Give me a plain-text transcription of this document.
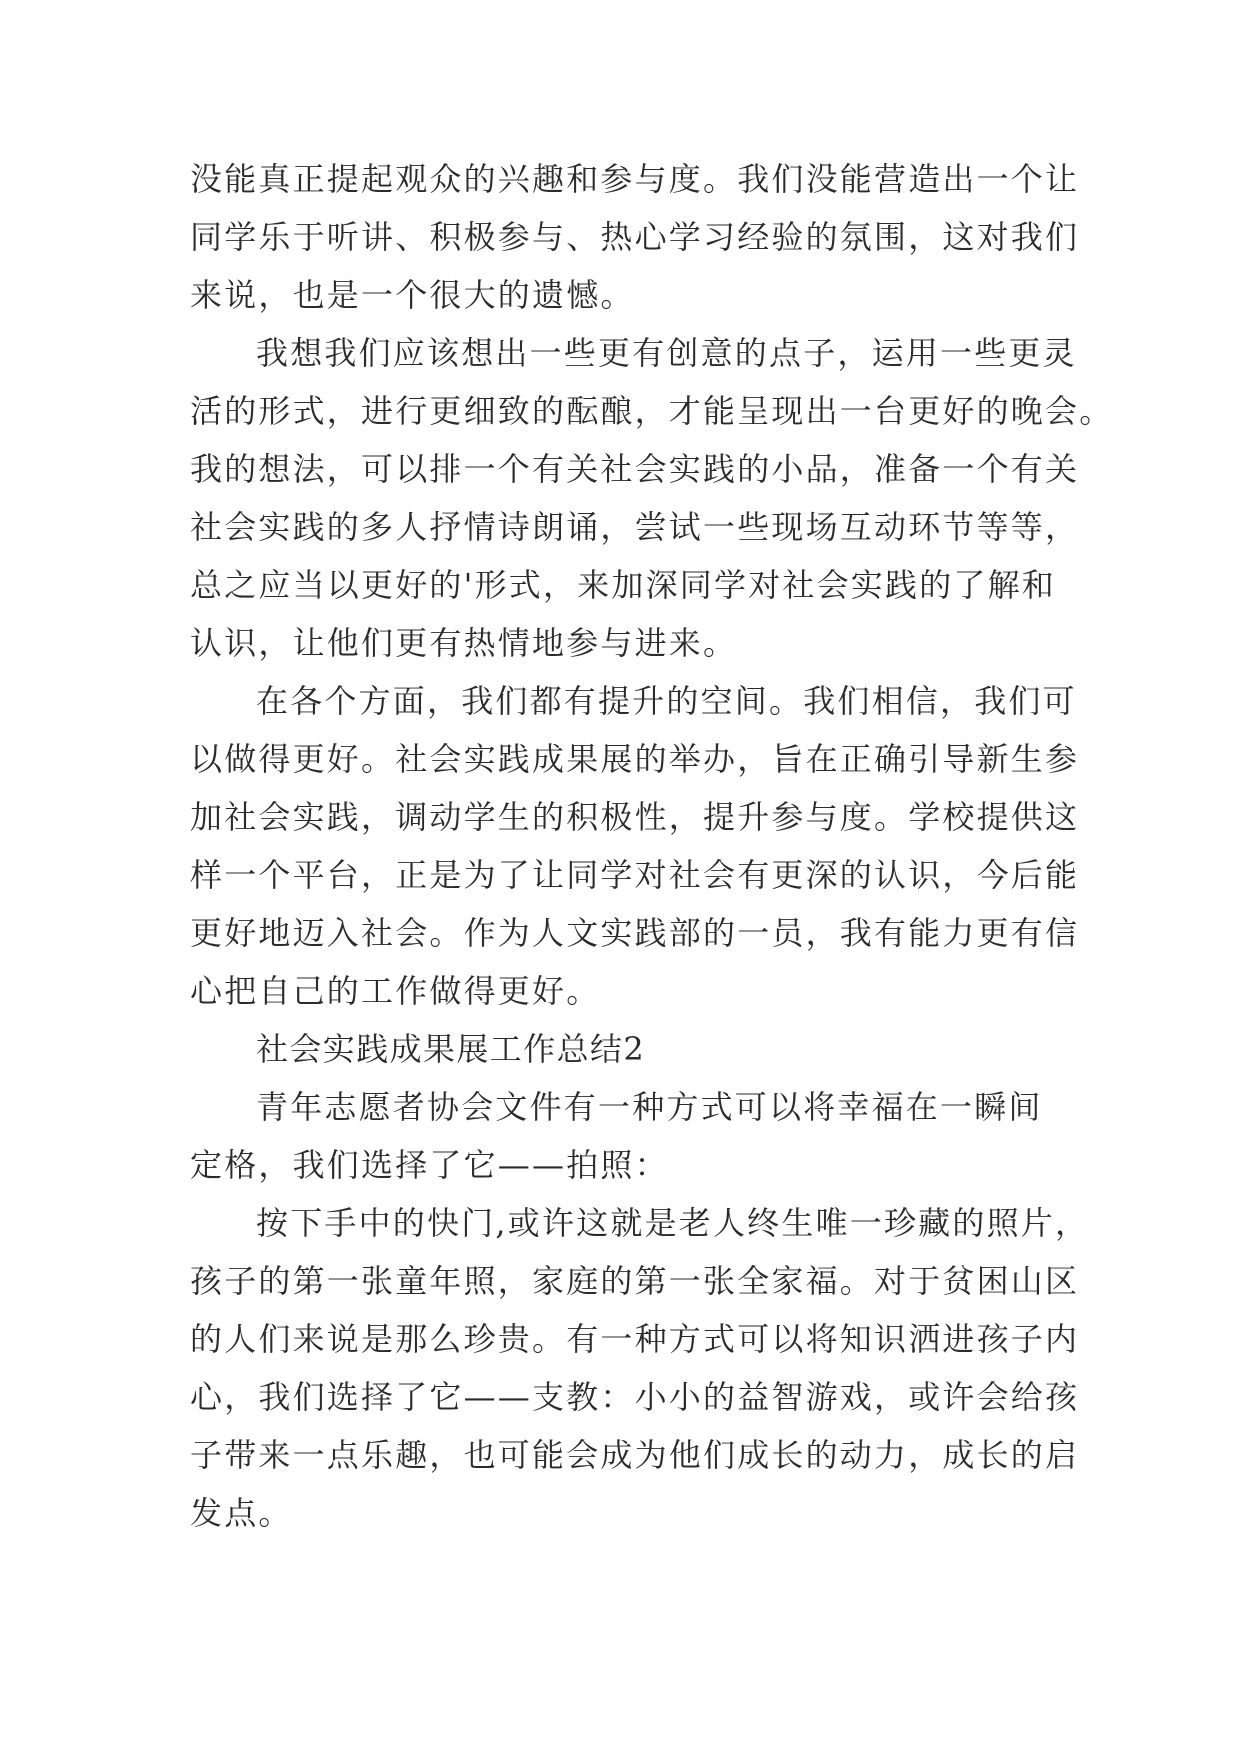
没能真正提起观众的兴趣和参与度。我们没能营造出一个让
同学乐于听讲、积极参与、热心学习经验的氛围，这对我们
来说，也是一个很大的遗憾。
我想我们应该想出一些更有创意的点子，运用一些更灵
活的形式，进行更细致的酝酿，才能呈现出一台更好的晚会。
我的想法，可以排一个有关社会实践的小品，准备一个有关
社会实践的多人抒情诗朗诵，尝试一些现场互动环节等等，
总之应当以更好的'形式，来加深同学对社会实践的了解和
认识，让他们更有热情地参与进来。
在各个方面，我们都有提升的空间。我们相信，我们可
以做得更好。社会实践成果展的举办，旨在正确引导新生参
加社会实践，调动学生的积极性，提升参与度。学校提供这
样一个平台，正是为了让同学对社会有更深的认识，今后能
更好地迈入社会。作为人文实践部的一员，我有能力更有信
心把自己的工作做得更好。
社会实践成果展工作总结2
青年志愿者协会文件有一种方式可以将幸福在一瞬间
定格，我们选择了它——拍照：
按下手中的快门,或许这就是老人终生唯一珍藏的照片，
孩子的第一张童年照，家庭的第一张全家福。对于贫困山区
的人们来说是那么珍贵。有一种方式可以将知识洒进孩子内
心，我们选择了它——支教：小小的益智游戏，或许会给孩
子带来一点乐趣，也可能会成为他们成长的动力，成长的启
发点。
